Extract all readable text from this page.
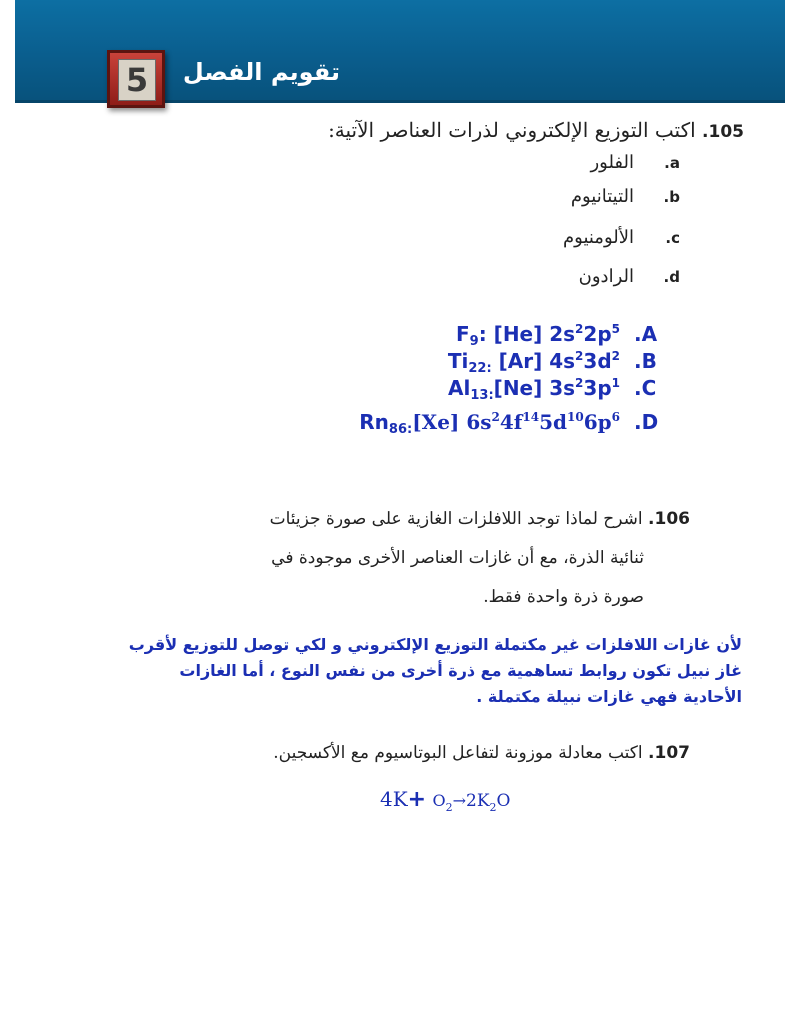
تقويم الفصل
5
105. اكتب التوزيع الإلكتروني لذرات العناصر الآتية:
a.الفلور
b.التيتانيوم
c.الألومنيوم
d.الرادون
$F_9$: [He] $2s^22p^5$ .A
$Ti_{22:}$ [Ar] $4s^23d^2$ .B
$Al_{13:}[Ne]$ $3s^23p^1$ .C
$Rn_{86:}[Xe]$ $6s^24f^{14}5d^{10}6p^6$ .D
106. اشرح لماذا توجد اللافلزات الغازية على صورة جزيئات
ثنائية الذرة، مع أن غازات العناصر الأخرى موجودة في
صورة ذرة واحدة فقط.
لأن غازات اللافلزات غير مكتملة التوزيع الإلكتروني و لكي توصل للتوزيع لأقرب
غاز نبيل تكون روابط تساهمية مع ذرة أخرى من نفس النوع ، أما الغازات
الأحادية فهي غازات نبيلة مكتملة .
107. اكتب معادلة موزونة لتفاعل البوتاسيوم مع الأكسجين.
$4K+ O_2\to 2K_2O$
